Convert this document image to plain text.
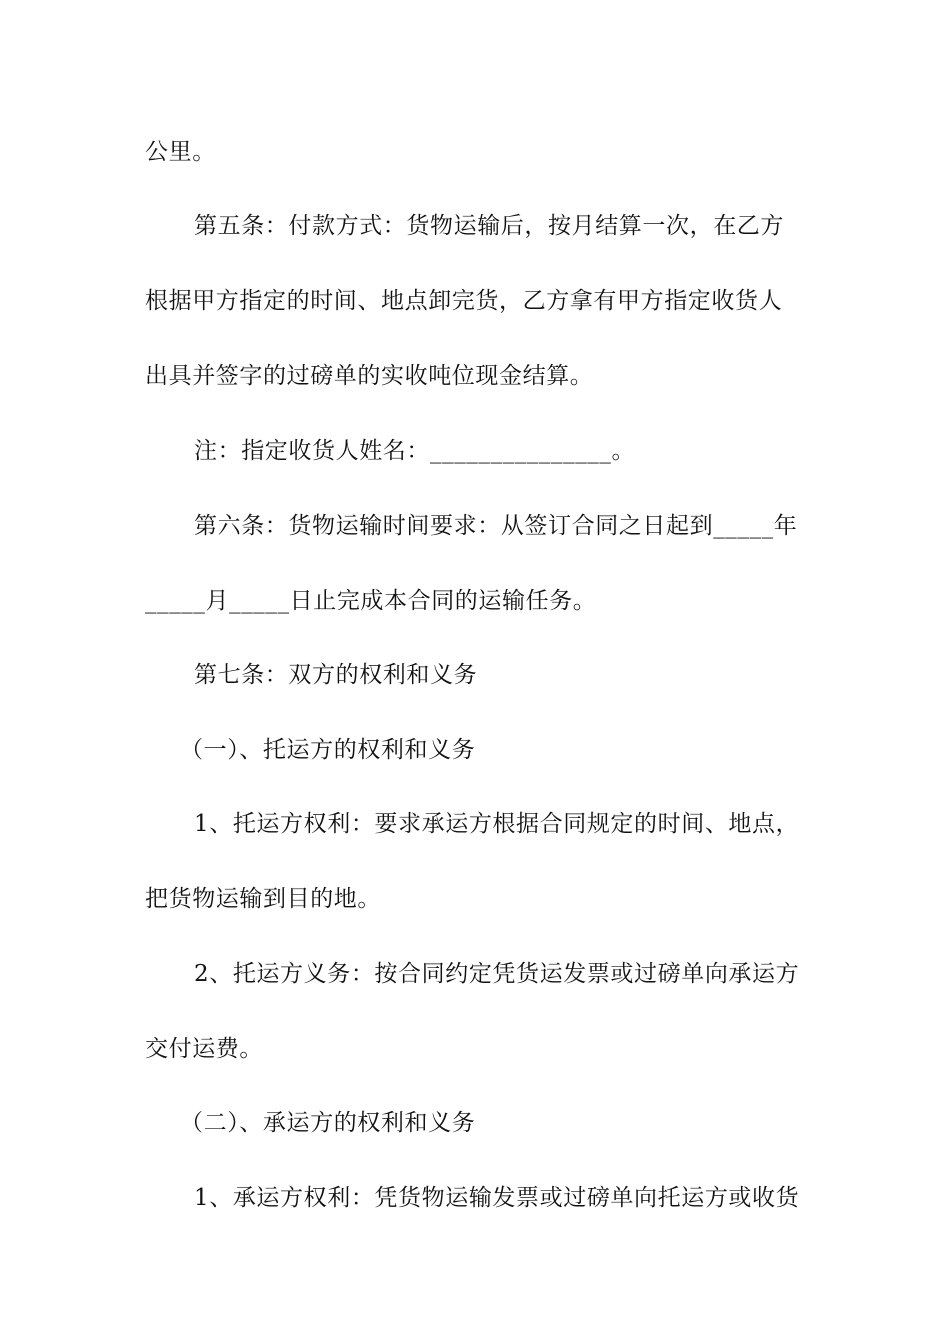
公里。
第五条：付款方式：货物运输后，按月结算一次，在乙方
根据甲方指定的时间、地点卸完货，乙方拿有甲方指定收货人
出具并签字的过磅单的实收吨位现金结算。
注：指定收货人姓名：_______________。
第六条：货物运输时间要求：从签订合同之日起到_____年
_____月_____日止完成本合同的运输任务。
第七条：双方的权利和义务
（一）、托运方的权利和义务
1、托运方权利：要求承运方根据合同规定的时间、地点，
把货物运输到目的地。
2、托运方义务：按合同约定凭货运发票或过磅单向承运方
交付运费。
（二）、承运方的权利和义务
1、承运方权利：凭货物运输发票或过磅单向托运方或收货
